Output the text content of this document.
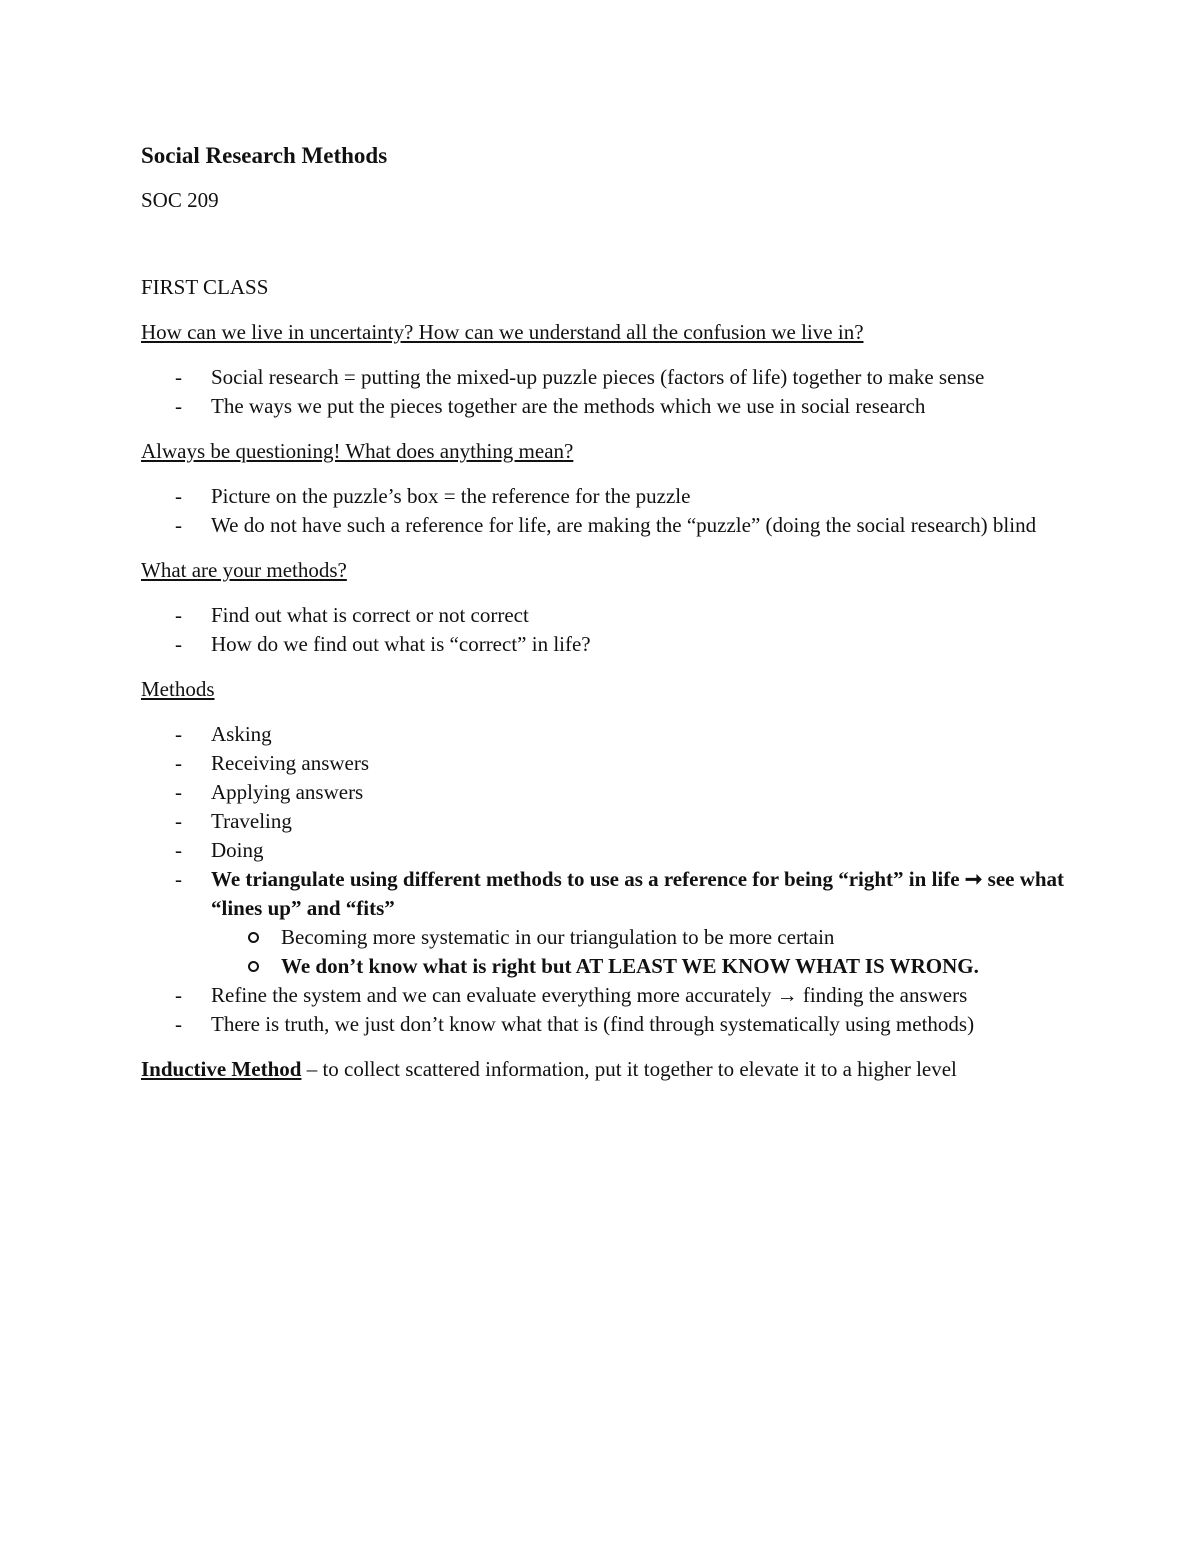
Social Research Methods
SOC 209
FIRST CLASS
How can we live in uncertainty? How can we understand all the confusion we live in?
- Social research = putting the mixed-up puzzle pieces (factors of life) together to make sense
- The ways we put the pieces together are the methods which we use in social research
Always be questioning! What does anything mean?
- Picture on the puzzle’s box = the reference for the puzzle
- We do not have such a reference for life, are making the “puzzle” (doing the social research) blind
What are your methods?
- Find out what is correct or not correct
- How do we find out what is “correct” in life?
Methods
- Asking
- Receiving answers
- Applying answers
- Traveling
- Doing
- We triangulate using different methods to use as a reference for being “right” in life ➞ see what “lines up” and “fits”
Becoming more systematic in our triangulation to be more certain
We don’t know what is right but AT LEAST WE KNOW WHAT IS WRONG.
- Refine the system and we can evaluate everything more accurately → finding the answers
- There is truth, we just don’t know what that is (find through systematically using methods)
Inductive Method – to collect scattered information, put it together to elevate it to a higher level
